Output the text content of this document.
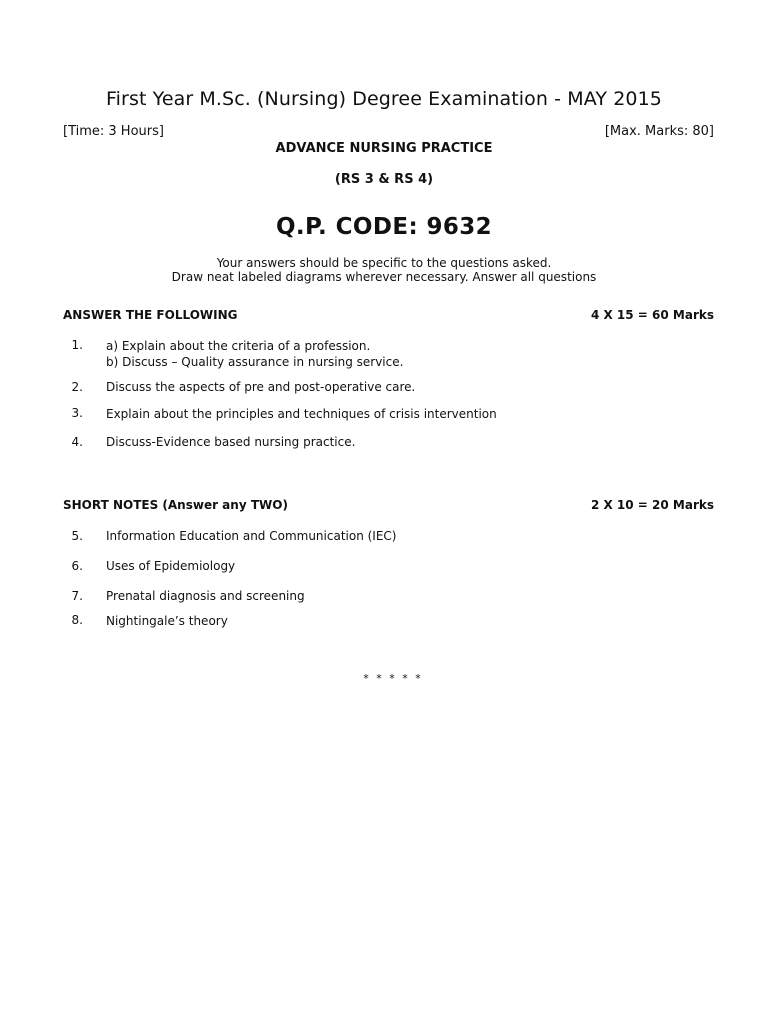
First Year M.Sc. (Nursing) Degree Examination - MAY 2015
[Time: 3 Hours]	[Max. Marks: 80]
ADVANCE NURSING PRACTICE
(RS 3 & RS 4)
Q.P. CODE: 9632
Your answers should be specific to the questions asked.
Draw neat labeled diagrams wherever necessary. Answer all questions
ANSWER THE FOLLOWING	4 X 15 = 60 Marks
1. a) Explain about the criteria of a profession.
b) Discuss – Quality assurance in nursing service.
2. Discuss the aspects of pre and post-operative care.
3. Explain about the principles and techniques of crisis intervention
4. Discuss-Evidence based nursing practice.
SHORT NOTES (Answer any TWO)	2 X 10 = 20 Marks
5. Information Education and Communication (IEC)
6. Uses of Epidemiology
7. Prenatal diagnosis and screening
8. Nightingale’s theory
* * * * *
